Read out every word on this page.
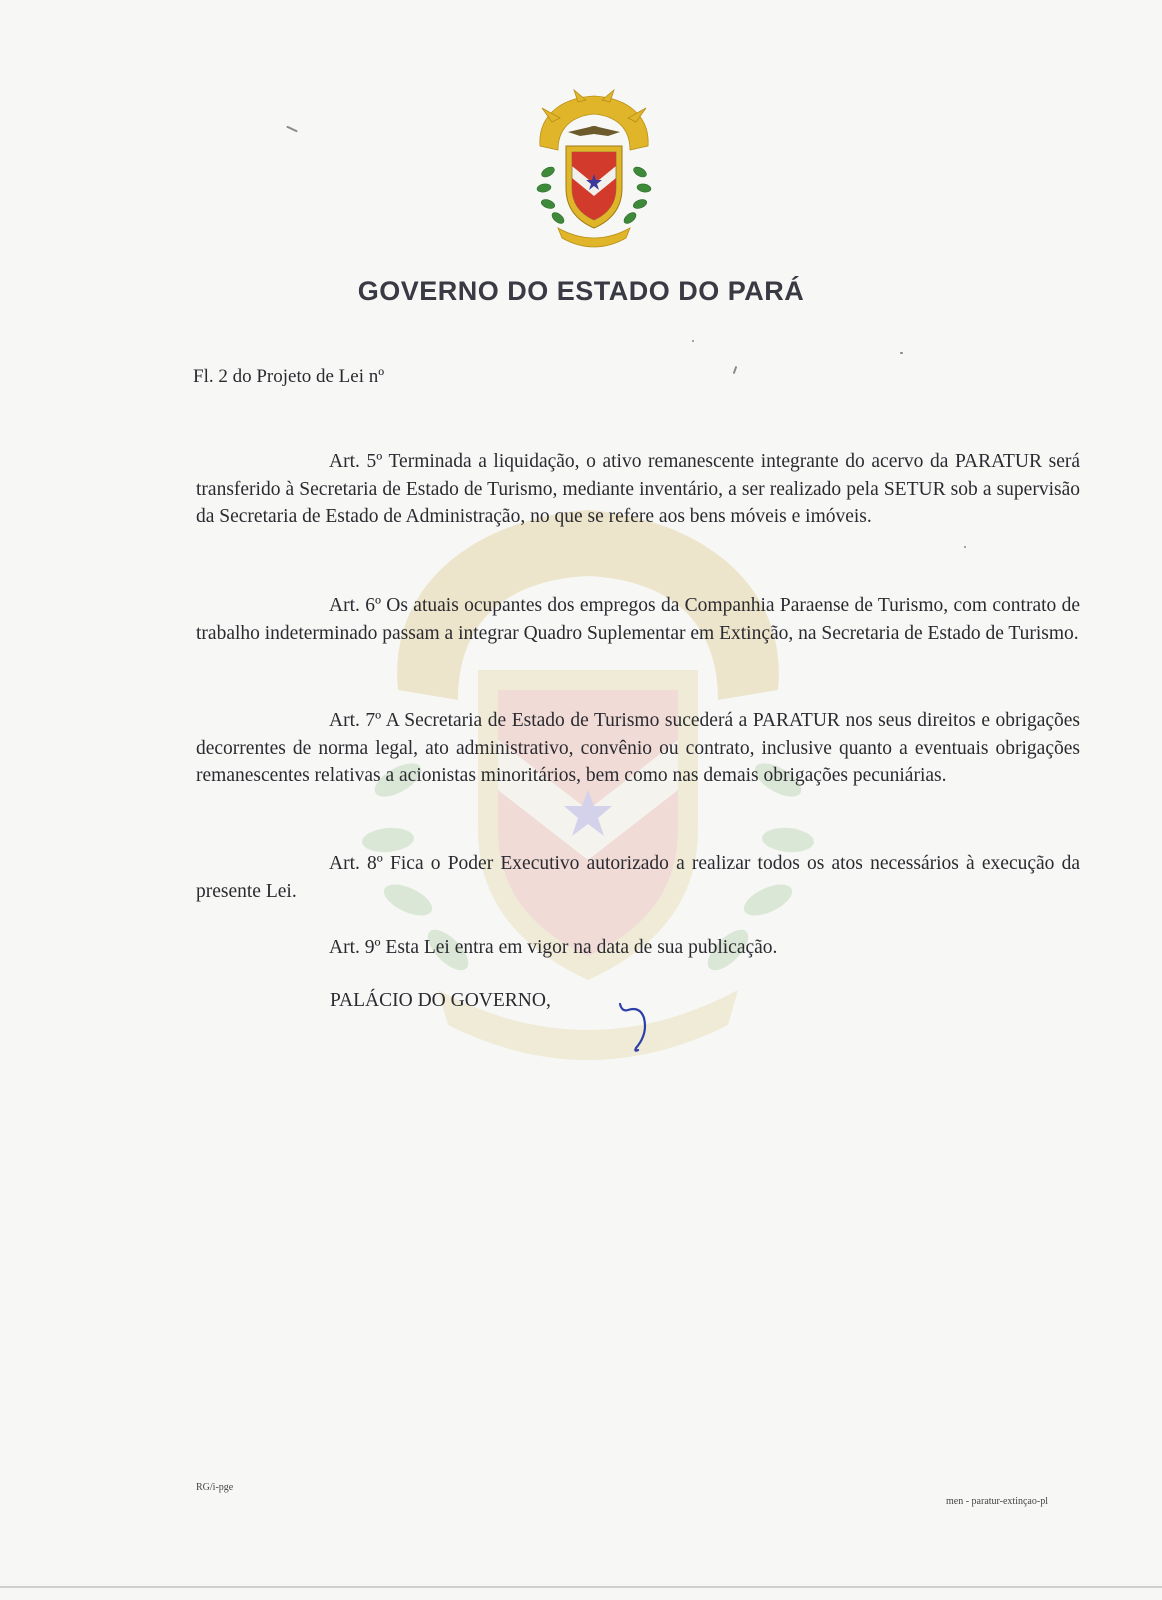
GOVERNO DO ESTADO DO PARÁ
Fl. 2 do Projeto de Lei nº

Art. 5º Terminada a liquidação, o ativo remanescente integrante do acervo da PARATUR será transferido à Secretaria de Estado de Turismo, mediante inventário, a ser realizado pela SETUR sob a supervisão da Secretaria de Estado de Administração, no que se refere aos bens móveis e imóveis.

Art. 6º Os atuais ocupantes dos empregos da Companhia Paraense de Turismo, com contrato de trabalho indeterminado passam a integrar Quadro Suplementar em Extinção, na Secretaria de Estado de Turismo.

Art. 7º A Secretaria de Estado de Turismo sucederá a PARATUR nos seus direitos e obrigações decorrentes de norma legal, ato administrativo, convênio ou contrato, inclusive quanto a eventuais obrigações remanescentes relativas a acionistas minoritários, bem como nas demais obrigações pecuniárias.

Art. 8º Fica o Poder Executivo autorizado a realizar todos os atos necessários à execução da presente Lei.

Art. 9º Esta Lei entra em vigor na data de sua publicação.

PALÁCIO DO GOVERNO,
RG/i-pge
men - paratur-extinçao-pl
